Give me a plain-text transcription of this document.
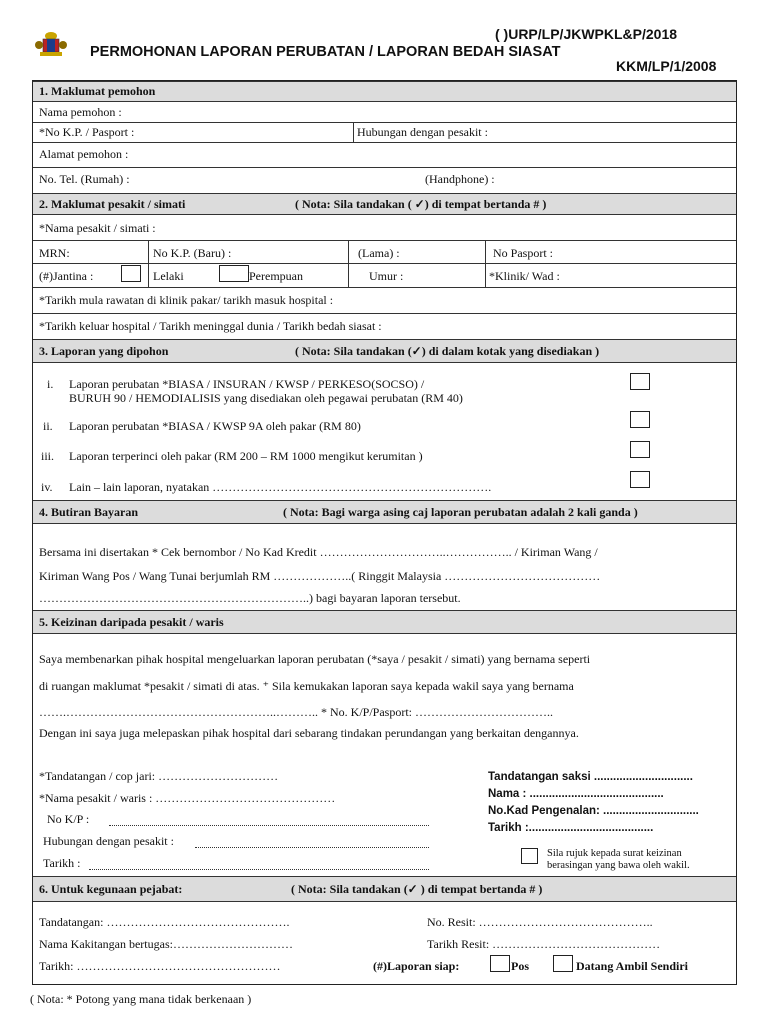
( )URP/LP/JKWPKL&P/2018
PERMOHONAN LAPORAN PERUBATAN / LAPORAN BEDAH SIASAT
KKM/LP/1/2008
1. Maklumat pemohon
Nama pemohon :
*No K.P. / Pasport :	Hubungan dengan pesakit :
Alamat pemohon :
No. Tel. (Rumah) :	(Handphone) :
2. Maklumat pesakit / simati	( Nota: Sila tandakan ( ✓) di tempat bertanda # )
*Nama pesakit / simati :
MRN:	No K.P. (Baru) :	(Lama) :	No Pasport :
(#)Jantina :	Lelaki	Perempuan	Umur :	*Klinik/ Wad :
*Tarikh mula rawatan di klinik pakar/ tarikh masuk hospital :
*Tarikh keluar hospital / Tarikh meninggal dunia / Tarikh bedah siasat :
3. Laporan yang dipohon	( Nota: Sila tandakan (✓) di dalam kotak yang disediakan )
i. Laporan perubatan *BIASA / INSURAN / KWSP / PERKESO(SOCSO) /
BURUH 90 / HEMODIALISIS yang disediakan oleh pegawai perubatan (RM 40)
ii. Laporan perubatan *BIASA / KWSP 9A oleh pakar (RM 80)
iii. Laporan terperinci oleh pakar (RM 200 – RM 1000 mengikut kerumitan )
iv. Lain – lain laporan, nyatakan …………………………………………………………….
4. Butiran Bayaran	( Nota: Bagi warga asing caj laporan perubatan adalah 2 kali ganda )
Bersama ini disertakan * Cek bernombor / No Kad Kredit …………………………..…………….. / Kiriman Wang /
Kiriman Wang Pos / Wang Tunai berjumlah RM ………………..( Ringgit Malaysia …………………………………
…………………………………………………………..) bagi bayaran laporan tersebut.
5. Keizinan daripada pesakit / waris
Saya membenarkan pihak hospital mengeluarkan laporan perubatan (*saya / pesakit / simati) yang bernama seperti
di ruangan maklumat *pesakit / simati di atas. ⁺ Sila kemukakan laporan saya kepada wakil saya yang bernama
…….……………………………………………..……….. * No. K/P/Pasport: ……………………………..
Dengan ini saya juga melepaskan pihak hospital dari sebarang tindakan perundangan yang berkaitan dengannya.
*Tandatangan / cop jari: …………………………
*Nama pesakit / waris : ………………………………………
No K/P :
Hubungan dengan pesakit :
Tarikh :
Tandatangan saksi ...............................
Nama : ..........................................
No.Kad Pengenalan: ..............................
Tarikh :.......................................
Sila rujuk kepada surat keizinan
berasingan yang bawa oleh wakil.
6. Untuk kegunaan pejabat:	( Nota: Sila tandakan (✓ ) di tempat bertanda # )
Tandatangan: ……………………………………….	No. Resit: ……………………………………..
Nama Kakitangan bertugas:…………………………	Tarikh Resit: ……………………………………
Tarikh: ……………………………………………	(#)Laporan siap:	Pos	Datang Ambil Sendiri
( Nota: * Potong yang mana tidak berkenaan )
